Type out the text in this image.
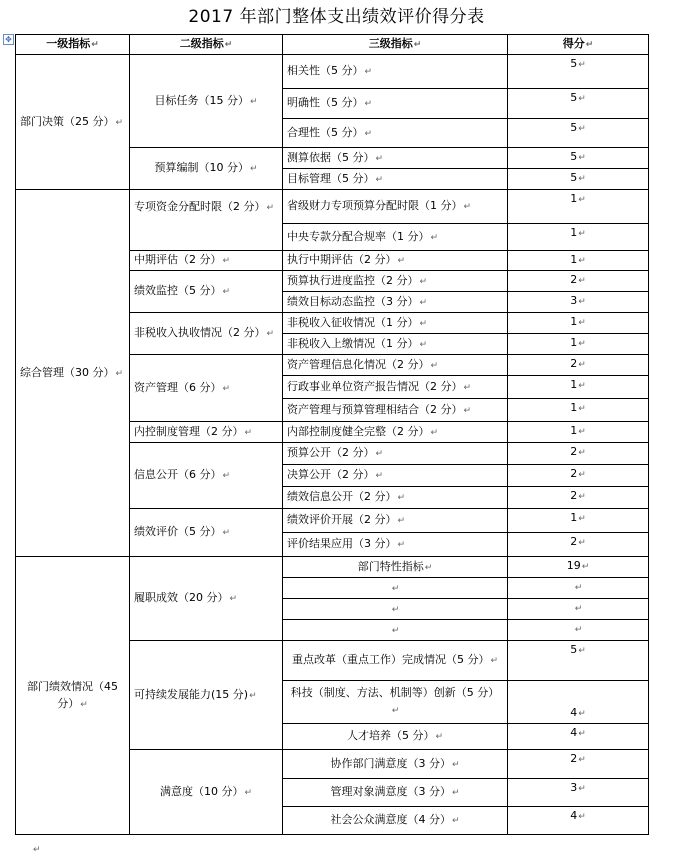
2017 年部门整体支出绩效评价得分表
✥	一级指标↵	二级指标↵	三级指标↵	得分↵
部门决策（25 分）↵	目标任务（15 分）↵	相关性（5 分）↵	5↵
		明确性（5 分）↵	5↵
		合理性（5 分）↵	5↵
	预算编制（10 分）↵	测算依据（5 分）↵	5↵
		目标管理（5 分）↵	5↵
综合管理（30 分）↵	专项资金分配时限（2 分）↵	省级财力专项预算分配时限（1 分）↵	1↵
		中央专款分配合规率（1 分）↵	1↵
	中期评估（2 分）↵	执行中期评估（2 分）↵	1↵
	绩效监控（5 分）↵	预算执行进度监控（2 分）↵	2↵
		绩效目标动态监控（3 分）↵	3↵
	非税收入执收情况（2 分）↵	非税收入征收情况（1 分）↵	1↵
		非税收入上缴情况（1 分）↵	1↵
	资产管理（6 分）↵	资产管理信息化情况（2 分）↵	2↵
		行政事业单位资产报告情况（2 分）↵	1↵
		资产管理与预算管理相结合（2 分）↵	1↵
	内控制度管理（2 分）↵	内部控制度健全完整（2 分）↵	1↵
	信息公开（6 分）↵	预算公开（2 分）↵	2↵
		决算公开（2 分）↵	2↵
		绩效信息公开（2 分）↵	2↵
	绩效评价（5 分）↵	绩效评价开展（2 分）↵	1↵
		评价结果应用（3 分）↵	2↵
部门绩效情况（45 分）↵	履职成效（20 分）↵	部门特性指标↵	19↵
		↵	↵
		↵	↵
		↵	↵
	可持续发展能力(15 分)↵	重点改革（重点工作）完成情况（5 分）↵	5↵
		科技（制度、方法、机制等）创新（5 分）↵	4↵
		人才培养（5 分）↵	4↵
	满意度（10 分）↵	协作部门满意度（3 分）↵	2↵
		管理对象满意度（3 分）↵	3↵
		社会公众满意度（4 分）↵	4↵
↵
